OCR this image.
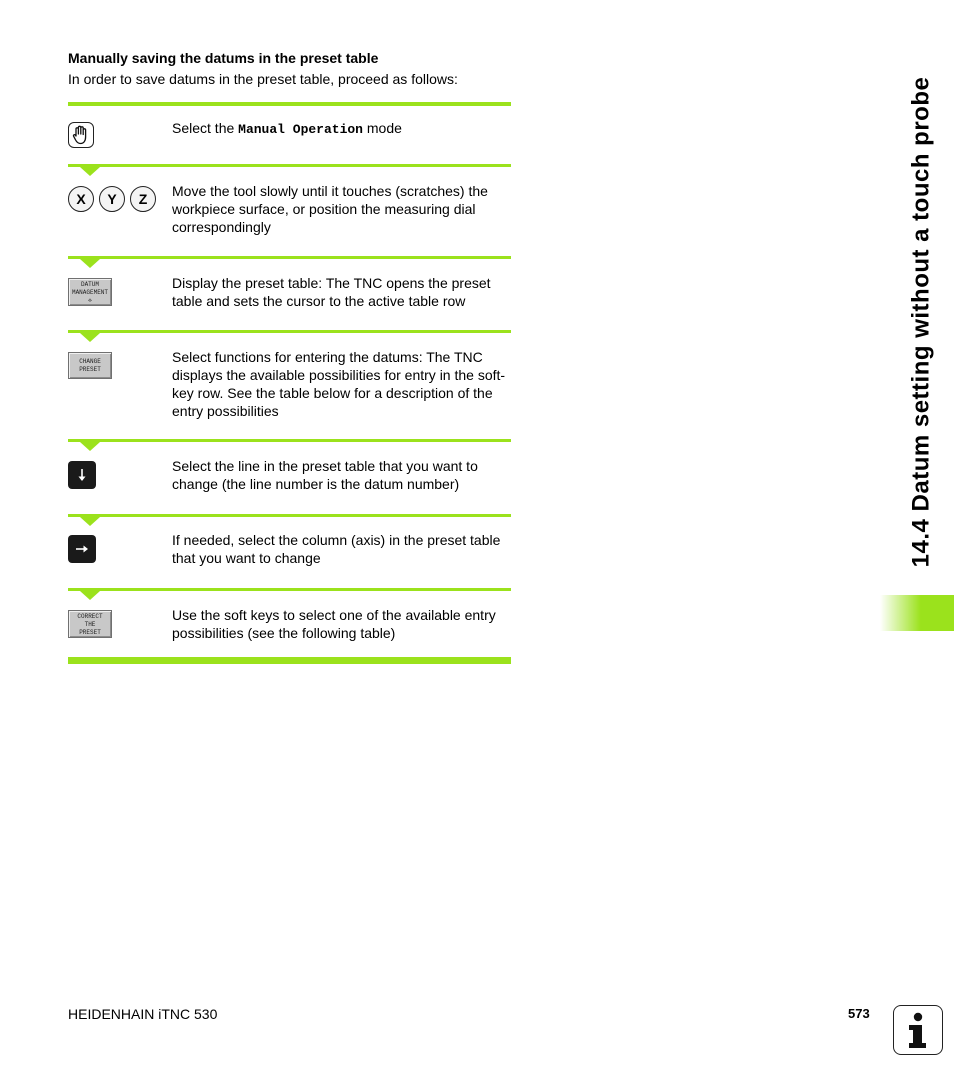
Manually saving the datums in the preset table
In order to save datums in the preset table, proceed as follows:
Select the Manual Operation mode
X	Y	Z	Move the tool slowly until it touches (scratches) the workpiece surface, or position the measuring dial correspondingly
DATUM
MANAGEMENT
⟡
Display the preset table: The TNC opens the preset table and sets the cursor to the active table row
CHANGE
PRESET
Select functions for entering the datums: The TNC displays the available possibilities for entry in the soft-key row. See the table below for a description of the entry possibilities
Select the line in the preset table that you want to change (the line number is the datum number)
If needed, select the column (axis) in the preset table that you want to change
CORRECT
THE
PRESET
Use the soft keys to select one of the available entry possibilities (see the following table)
14.4 Datum setting without a touch probe
HEIDENHAIN iTNC 530	573
